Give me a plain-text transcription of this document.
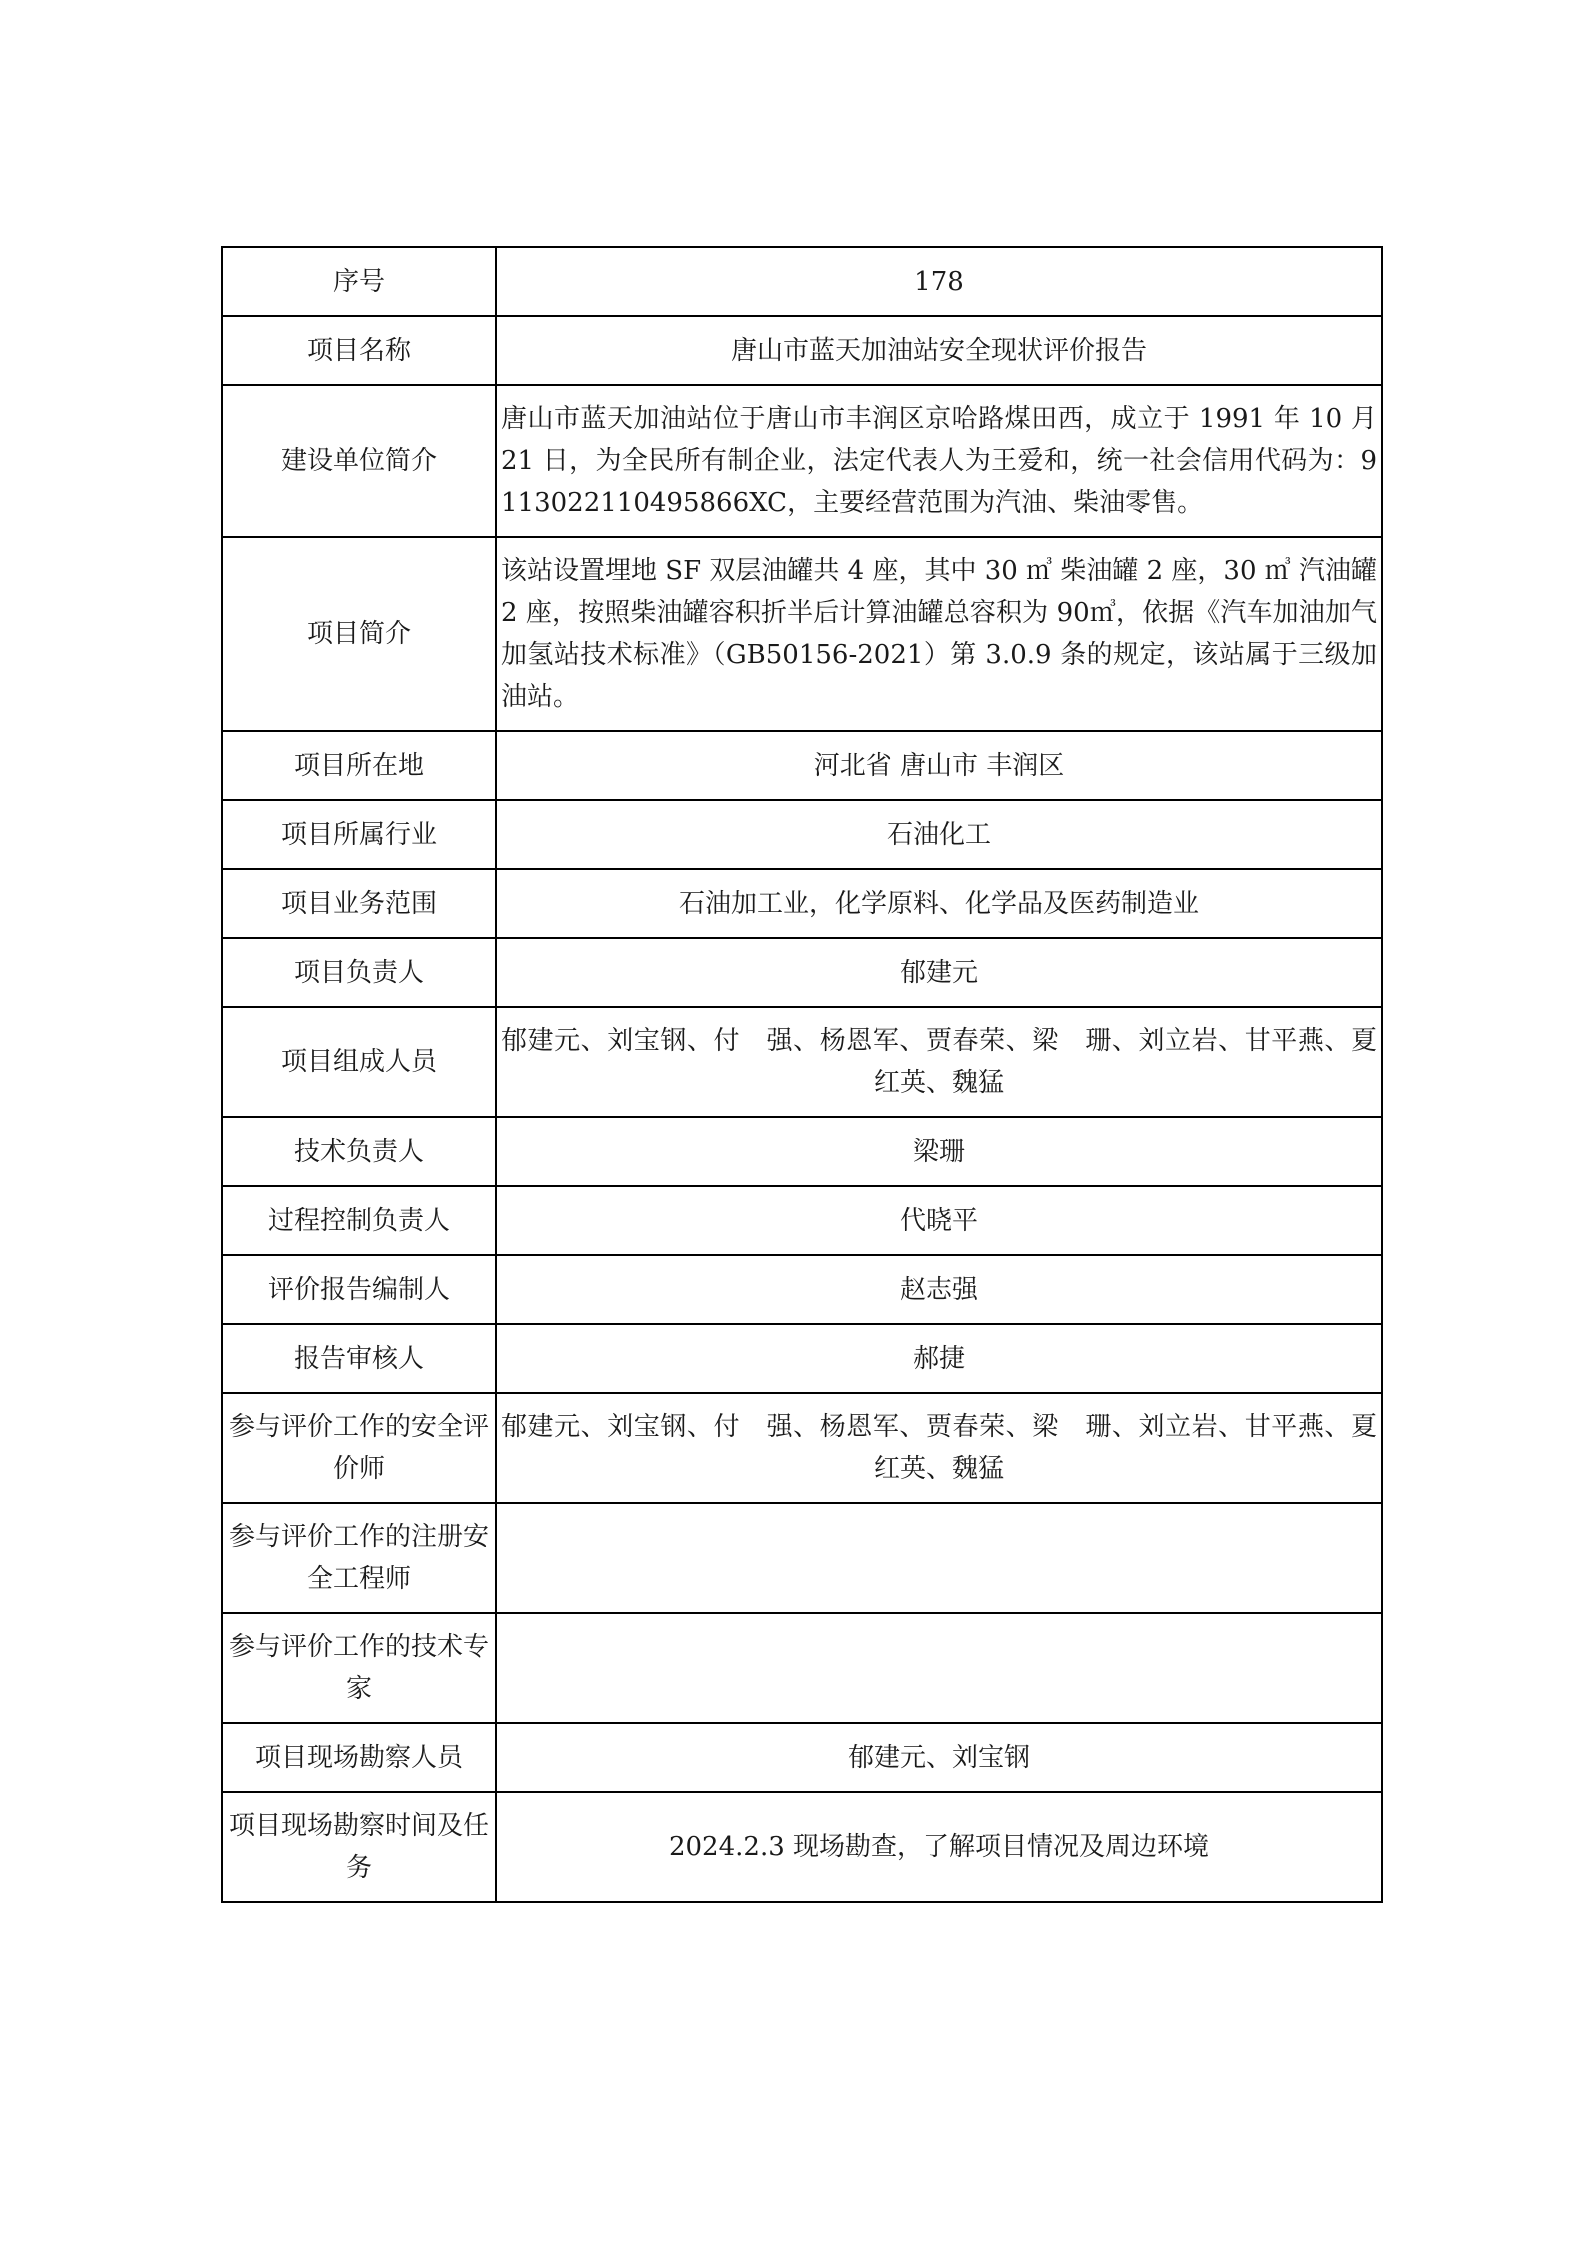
序号	178
项目名称	唐山市蓝天加油站安全现状评价报告
建设单位简介	唐山市蓝天加油站位于唐山市丰润区京哈路煤田西，成立于 1991 年 10 月 21 日，为全民所有制企业，法定代表人为王爱和，统一社会信用代码为：9113022110495866XC，主要经营范围为汽油、柴油零售。
项目简介	该站设置埋地 SF 双层油罐共 4 座，其中 30 ㎥ 柴油罐 2 座，30 ㎥ 汽油罐 2 座，按照柴油罐容积折半后计算油罐总容积为 90㎥，依据《汽车加油加气加氢站技术标准》（GB50156-2021）第 3.0.9 条的规定，该站属于三级加油站。
项目所在地	河北省 唐山市 丰润区
项目所属行业	石油化工
项目业务范围	石油加工业，化学原料、化学品及医药制造业
项目负责人	郁建元
项目组成人员	郁建元、刘宝钢、付　强、杨恩军、贾春荣、梁　珊、刘立岩、甘平燕、夏红英、魏猛
技术负责人	梁珊
过程控制负责人	代晓平
评价报告编制人	赵志强
报告审核人	郝捷
参与评价工作的安全评价师	郁建元、刘宝钢、付　强、杨恩军、贾春荣、梁　珊、刘立岩、甘平燕、夏红英、魏猛
参与评价工作的注册安全工程师	
参与评价工作的技术专家	
项目现场勘察人员	郁建元、刘宝钢
项目现场勘察时间及任务	2024.2.3 现场勘查，了解项目情况及周边环境
